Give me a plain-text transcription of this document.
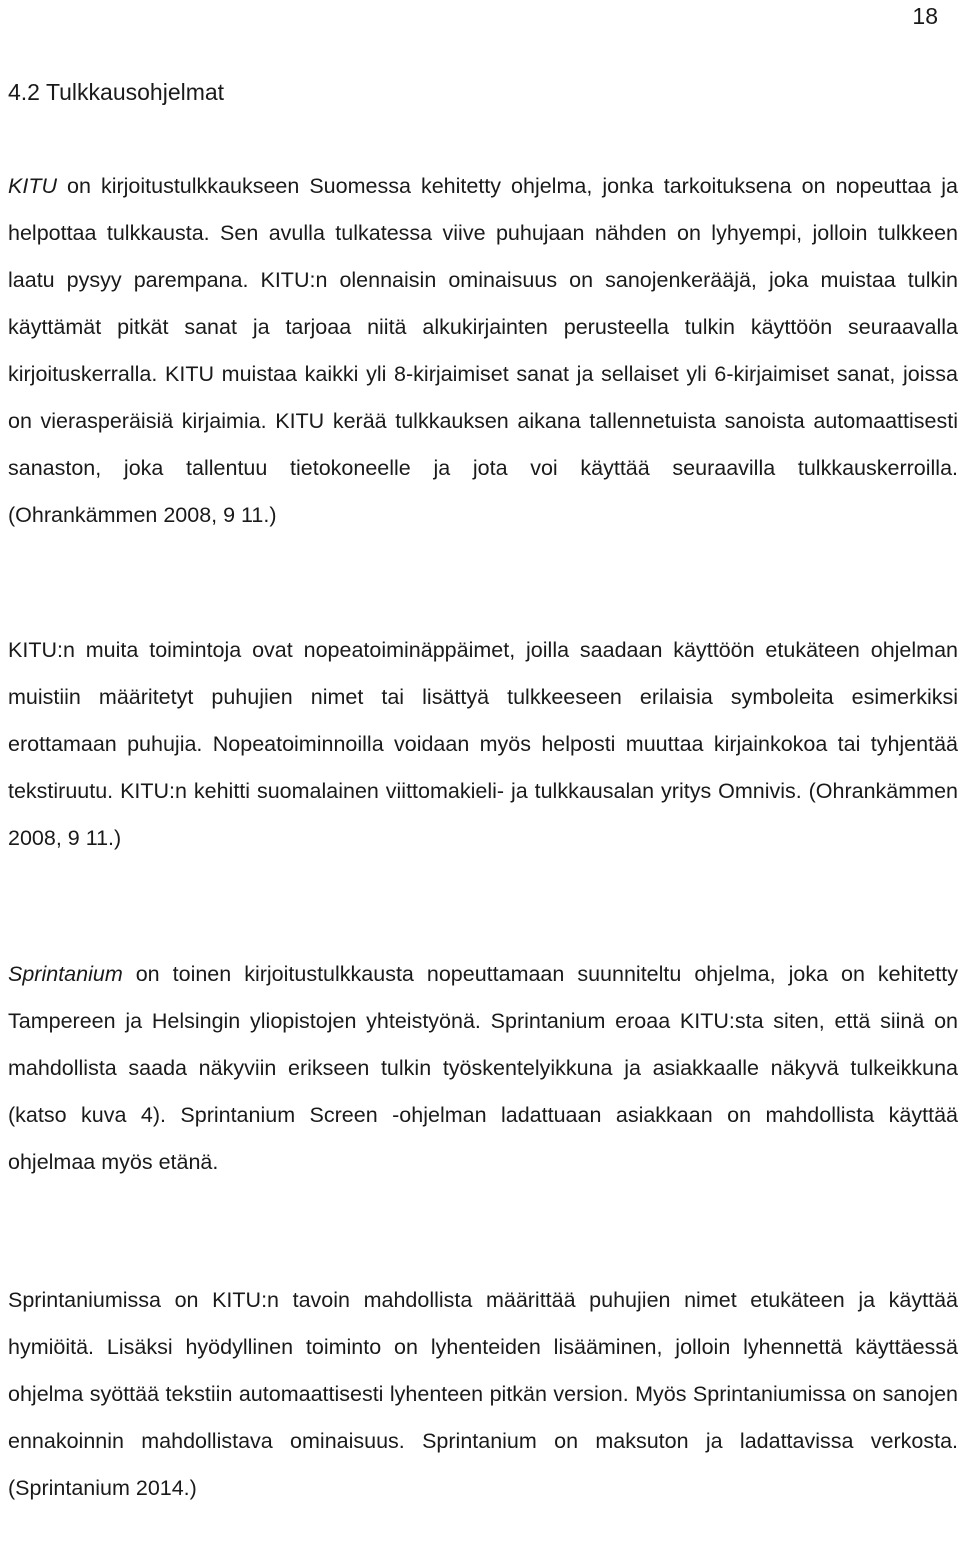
18

4.2 Tulkkausohjelmat

KITU on kirjoitustulkkaukseen Suomessa kehitetty ohjelma, jonka tarkoituksena on nopeuttaa ja helpottaa tulkkausta. Sen avulla tulkatessa viive puhujaan nähden on lyhyempi, jolloin tulkkeen laatu pysyy parempana. KITU:n olennaisin ominaisuus on sanojenkerääjä, joka muistaa tulkin käyttämät pitkät sanat ja tarjoaa niitä alkukirjainten perusteella tulkin käyttöön seuraavalla kirjoituskerralla. KITU muistaa kaikki yli 8-kirjaimiset sanat ja sellaiset yli 6-kirjaimiset sanat, joissa on vierasperäisiä kirjaimia. KITU kerää tulkkauksen aikana tallennetuista sanoista automaattisesti sanaston, joka tallentuu tietokoneelle ja jota voi käyttää seuraavilla tulkkauskerroilla. (Ohrankämmen 2008, 9 11.)

KITU:n muita toimintoja ovat nopeatoiminäppäimet, joilla saadaan käyttöön etukäteen ohjelman muistiin määritetyt puhujien nimet tai lisättyä tulkkeeseen erilaisia symboleita esimerkiksi erottamaan puhujia. Nopeatoiminnoilla voidaan myös helposti muuttaa kirjainkokoa tai tyhjentää tekstiruutu. KITU:n kehitti suomalainen viittomakieli- ja tulkkausalan yritys Omnivis. (Ohrankämmen 2008, 9 11.)

Sprintanium on toinen kirjoitustulkkausta nopeuttamaan suunniteltu ohjelma, joka on kehitetty Tampereen ja Helsingin yliopistojen yhteistyönä. Sprintanium eroaa KITU:sta siten, että siinä on mahdollista saada näkyviin erikseen tulkin työskentelyikkuna ja asiakkaalle näkyvä tulkeikkuna (katso kuva 4). Sprintanium Screen -ohjelman ladattuaan asiakkaan on mahdollista käyttää ohjelmaa myös etänä.

Sprintaniumissa on KITU:n tavoin mahdollista määrittää puhujien nimet etukäteen ja käyttää hymiöitä. Lisäksi hyödyllinen toiminto on lyhenteiden lisääminen, jolloin lyhennettä käyttäessä ohjelma syöttää tekstiin automaattisesti lyhenteen pitkän version. Myös Sprintaniumissa on sanojen ennakoinnin mahdollistava ominaisuus. Sprintanium on maksuton ja ladattavissa verkosta. (Sprintanium 2014.)
